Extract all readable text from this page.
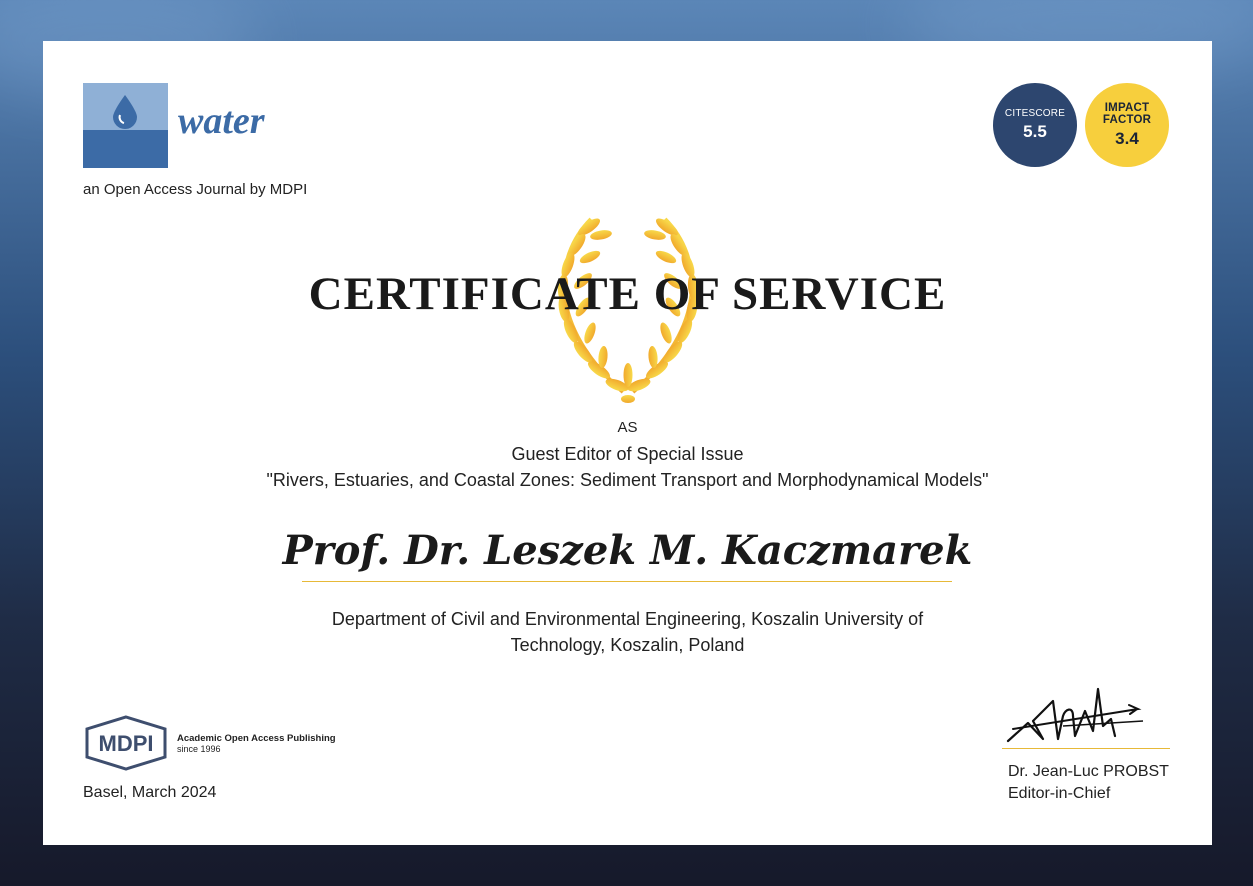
water
an Open Access Journal by MDPI
CITESCORE
5.5
IMPACT
FACTOR
3.4
CERTIFICATE OF SERVICE
AS
Guest Editor of Special Issue
"Rivers, Estuaries, and Coastal Zones: Sediment Transport and Morphodynamical Models"
Prof. Dr. Leszek M. Kaczmarek
Department of Civil and Environmental Engineering, Koszalin University of Technology, Koszalin, Poland
MDPI Academic Open Access Publishing
since 1996
Basel, March 2024
Dr. Jean-Luc PROBST
Editor-in-Chief
